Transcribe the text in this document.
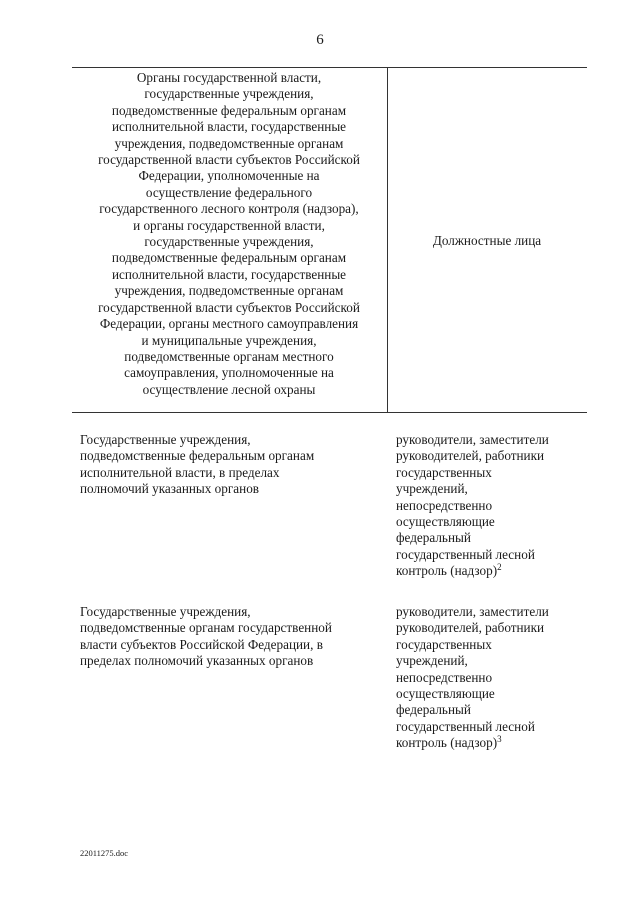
6
Органы государственной власти,
государственные учреждения,
подведомственные федеральным органам
исполнительной власти, государственные
учреждения, подведомственные органам
государственной власти субъектов Российской
Федерации, уполномоченные на
осуществление федерального
государственного лесного контроля (надзора),
и органы государственной власти,
государственные учреждения,
подведомственные федеральным органам
исполнительной власти, государственные
учреждения, подведомственные органам
государственной власти субъектов Российской
Федерации, органы местного самоуправления
и муниципальные учреждения,
подведомственные органам местного
самоуправления, уполномоченные на
осуществление лесной охраны
Должностные лица
Государственные учреждения,
подведомственные федеральным органам
исполнительной власти, в пределах
полномочий указанных органов
руководители, заместители
руководителей, работники
государственных
учреждений,
непосредственно
осуществляющие
федеральный
государственный лесной
контроль (надзор)$^2$
Государственные учреждения,
подведомственные органам государственной
власти субъектов Российской Федерации, в
пределах полномочий указанных органов
руководители, заместители
руководителей, работники
государственных
учреждений,
непосредственно
осуществляющие
федеральный
государственный лесной
контроль (надзор)$^3$
22011275.doc
